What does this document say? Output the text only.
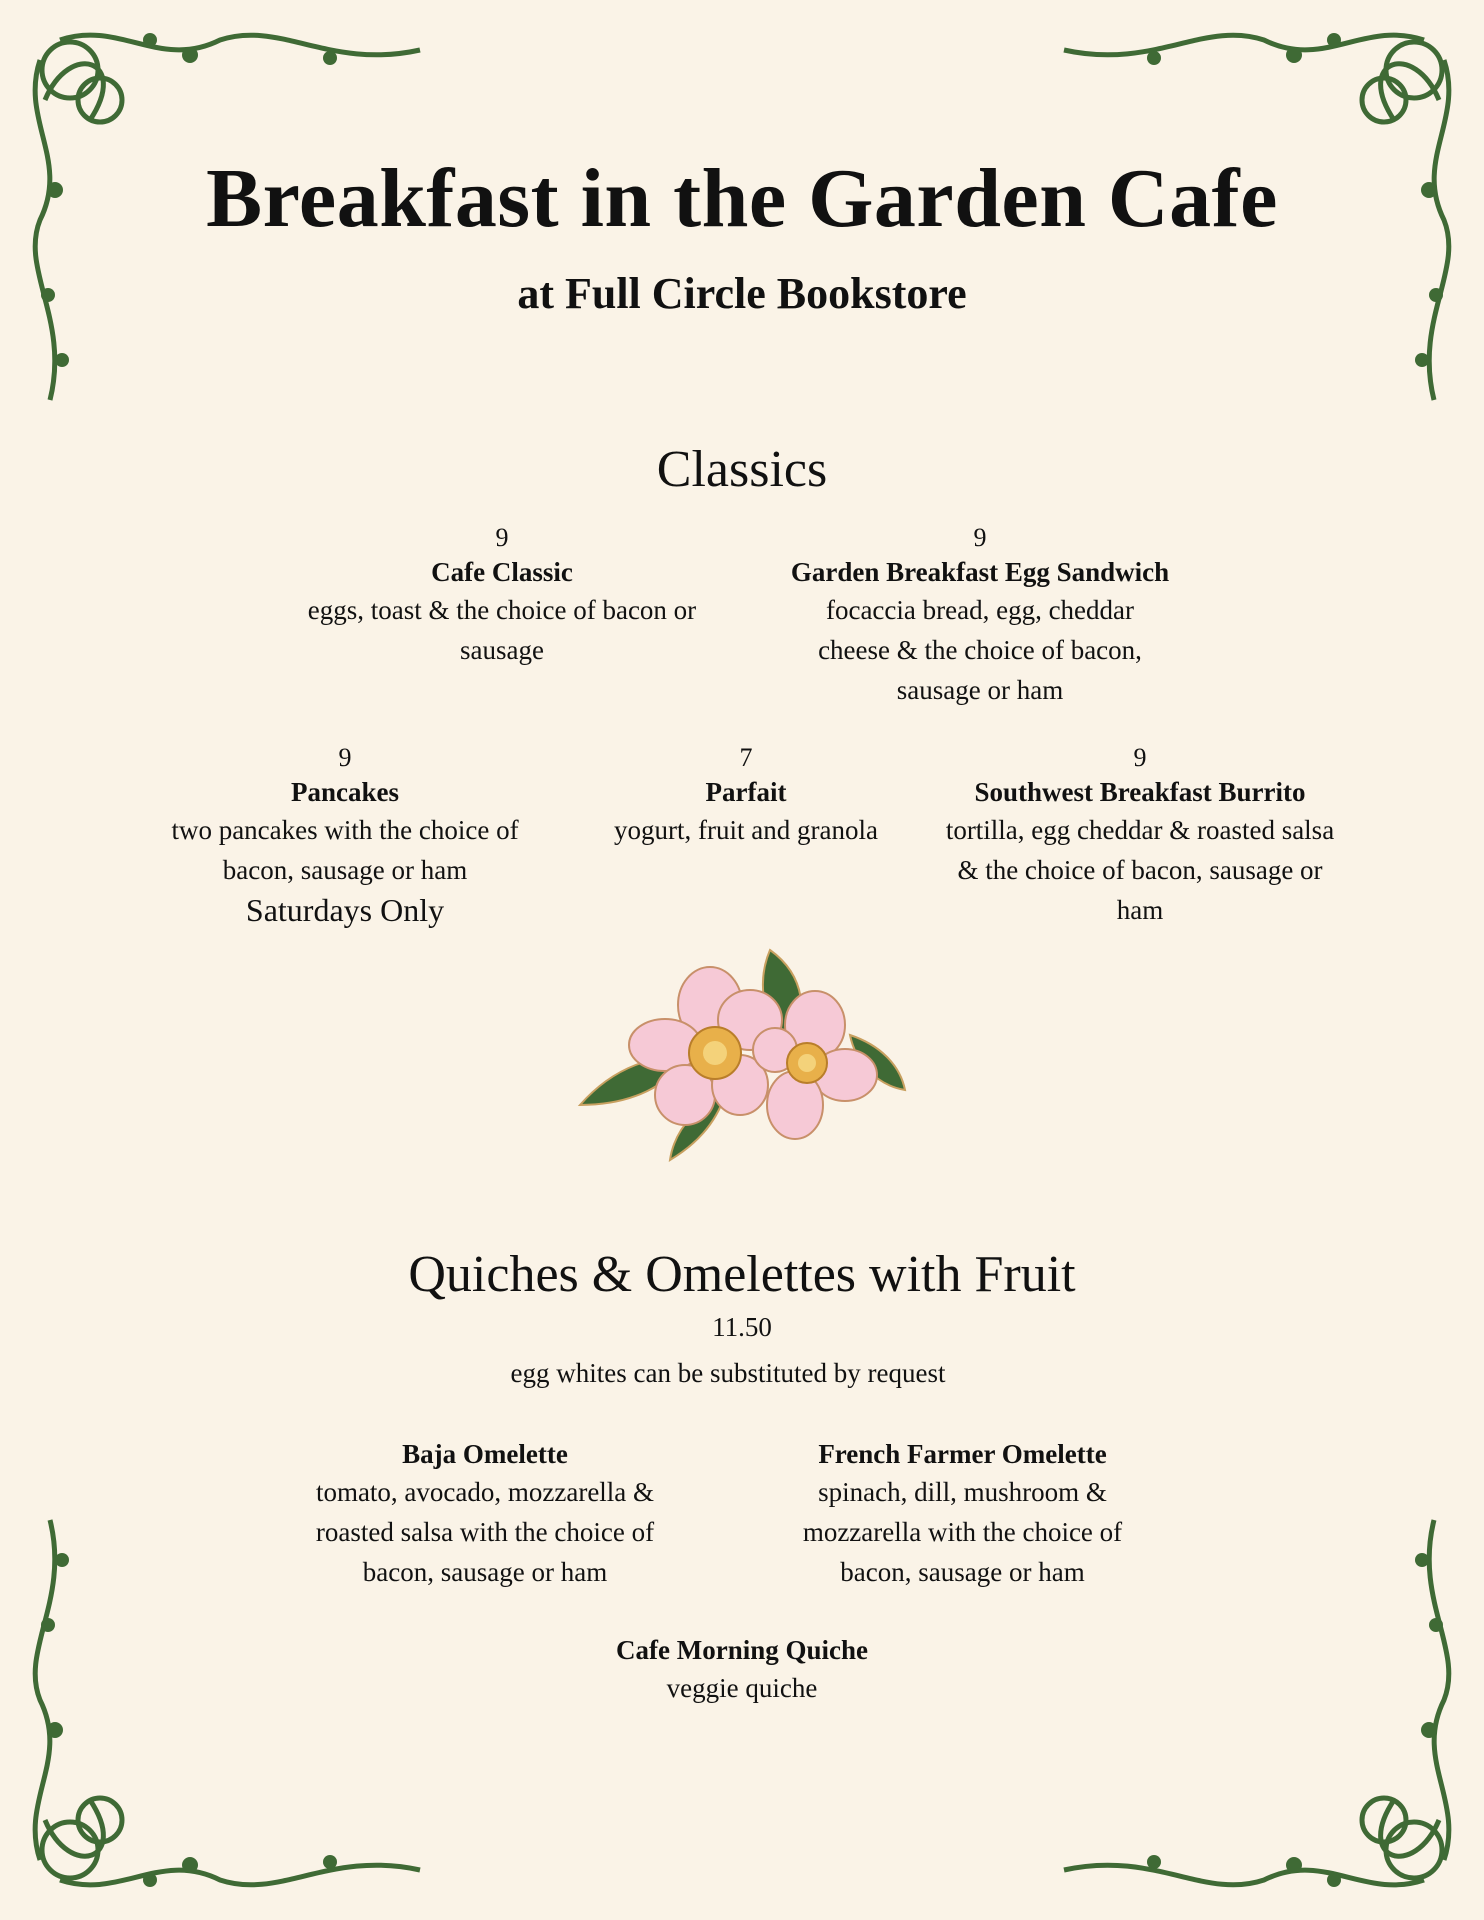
Breakfast in the Garden Cafe
at Full Circle Bookstore
Classics
9
Cafe Classic
eggs, toast & the choice of bacon or sausage
9
Garden Breakfast Egg Sandwich
focaccia bread, egg, cheddar cheese & the choice of bacon, sausage or ham
9
Pancakes
two pancakes with the choice of bacon, sausage or ham
Saturdays Only
7
Parfait
yogurt, fruit and granola
9
Southwest Breakfast Burrito
tortilla, egg cheddar & roasted salsa & the choice of bacon, sausage or ham
Quiches & Omelettes with Fruit
11.50
egg whites can be substituted by request
Baja Omelette
tomato, avocado, mozzarella & roasted salsa with the choice of bacon, sausage or ham
French Farmer Omelette
spinach, dill, mushroom & mozzarella with the choice of bacon, sausage or ham
Cafe Morning Quiche
veggie quiche
